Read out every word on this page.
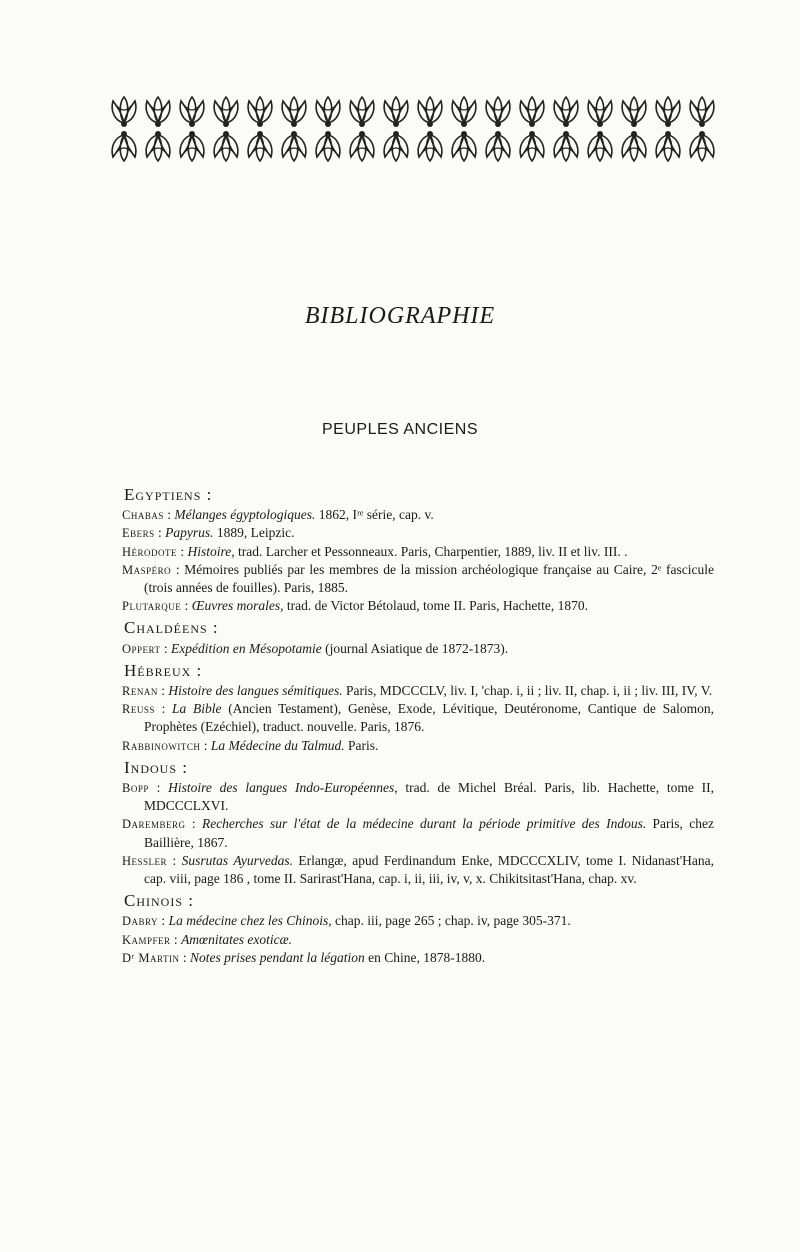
BIBLIOGRAPHIE
PEUPLES ANCIENS
Egyptiens :

Chabas : Mélanges égyptologiques. 1862, Iʳᵉ série, cap. v.

Ebers : Papyrus. 1889, Leipzic.

Hérodote : Histoire, trad. Larcher et Pessonneaux. Paris, Charpentier, 1889, liv. II et liv. III. .

Maspéro : Mémoires publiés par les membres de la mission archéologique française au Caire, 2ᵉ fascicule (trois années de fouilles). Paris, 1885.

Plutarque : Œuvres morales, trad. de Victor Bétolaud, tome II. Paris, Hachette, 1870.

Chaldéens :

Oppert : Expédition en Mésopotamie (journal Asiatique de 1872-1873).

Hébreux :

Renan : Histoire des langues sémitiques. Paris, MDCCCLV, liv. I, 'chap. i, ii ; liv. II, chap. i, ii ; liv. III, IV, V.

Reuss : La Bible (Ancien Testament), Genèse, Exode, Lévitique, Deutéronome, Cantique de Salomon, Prophètes (Ezéchiel), traduct. nouvelle. Paris, 1876.

Rabbinowitch : La Médecine du Talmud. Paris.

Indous :

Bopp : Histoire des langues Indo-Européennes, trad. de Michel Bréal. Paris, lib. Hachette, tome II, MDCCCLXVI.

Daremberg : Recherches sur l'état de la médecine durant la période primitive des Indous. Paris, chez Baillière, 1867.

Hessler : Susrutas Ayurvedas. Erlangæ, apud Ferdinandum Enke, MDCCCXLIV, tome I. Nidanast'Hana, cap. viii, page 186 , tome II. Sarirast'Hana, cap. i, ii, iii, iv, v, x. Chikitsitast'Hana, chap. xv.

Chinois :

Dabry : La médecine chez les Chinois, chap. iii, page 265 ; chap. iv, page 305-371.

Kampfer : Amœnitates exoticæ.

Dʳ Martin : Notes prises pendant la légation en Chine, 1878-1880.
